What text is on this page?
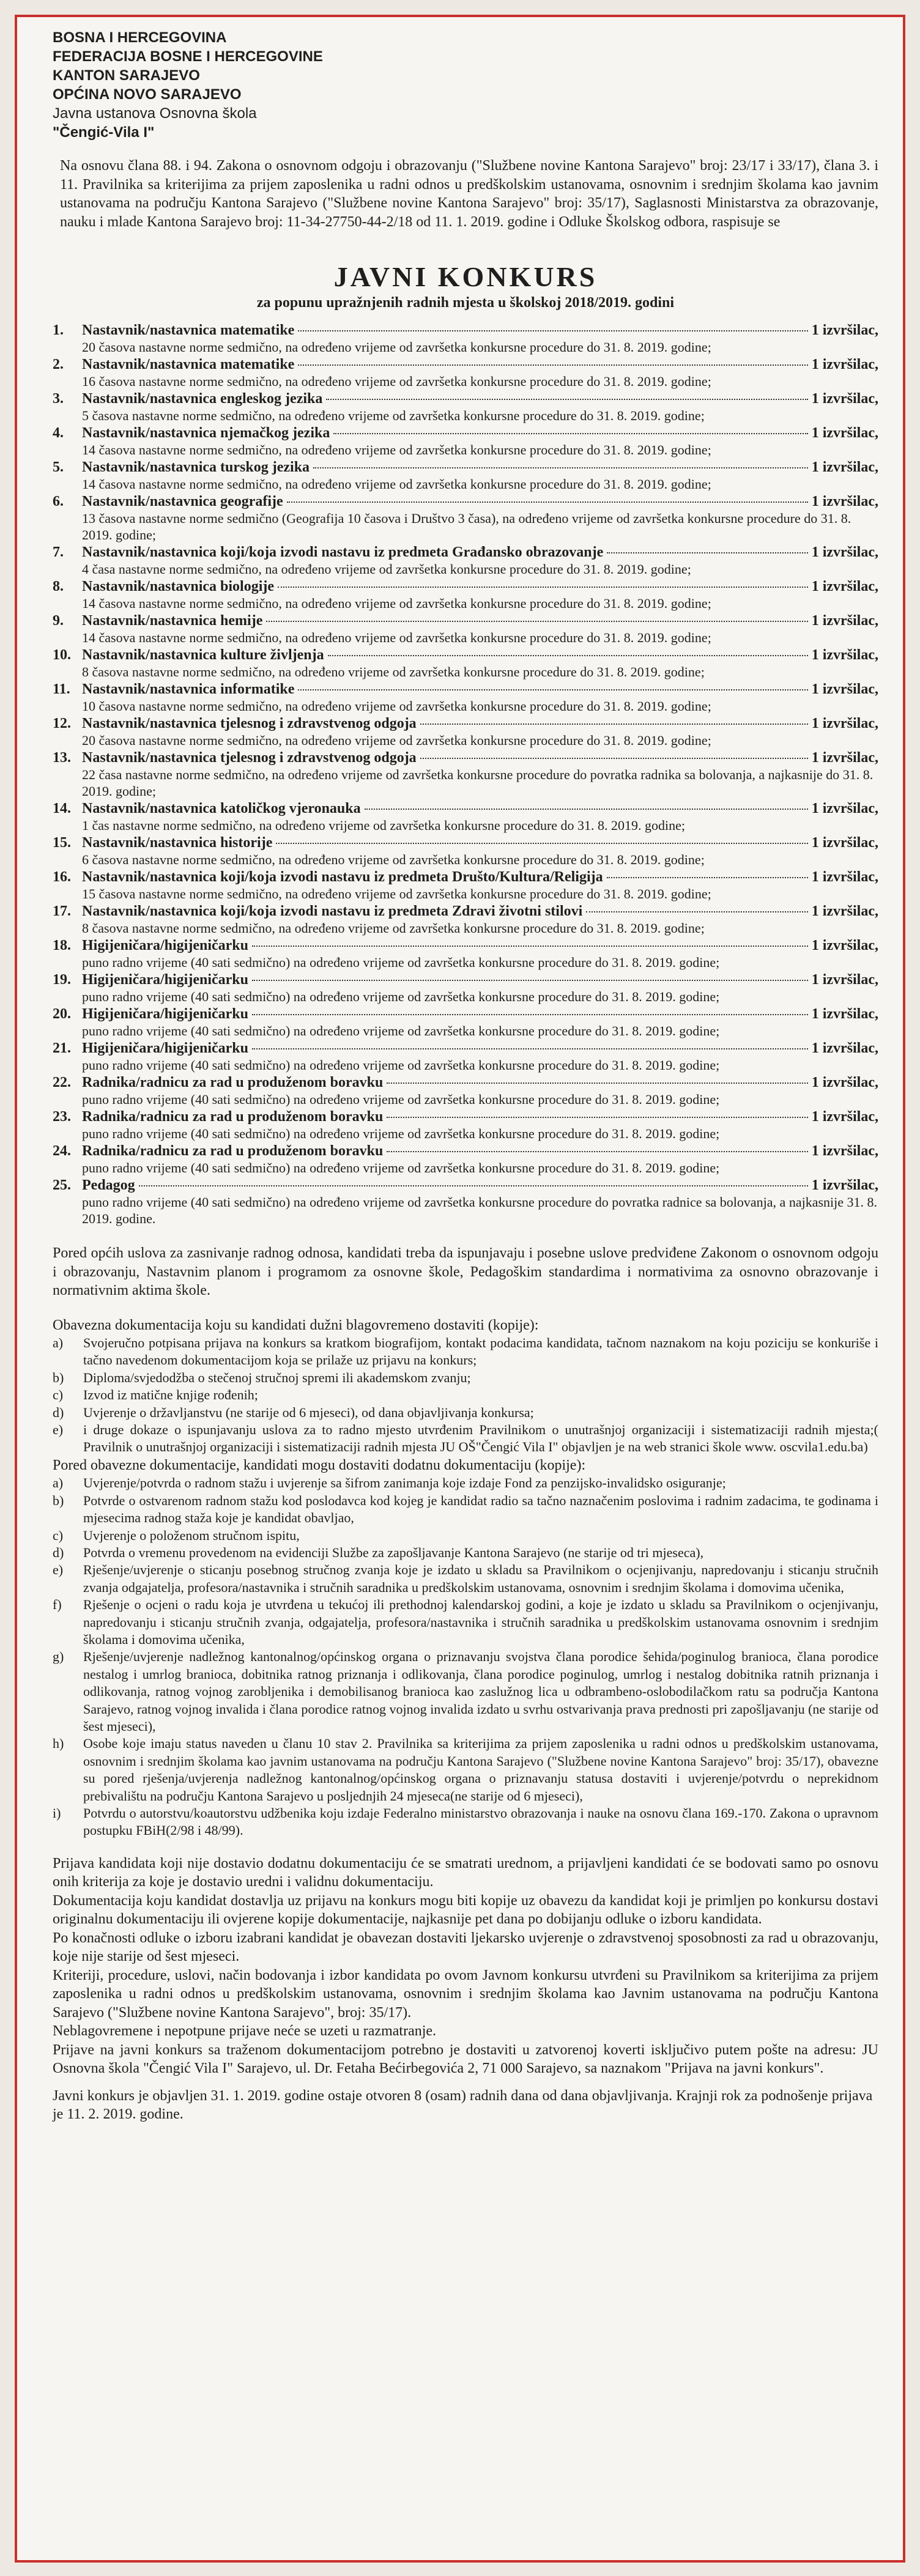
BOSNA I HERCEGOVINA
FEDERACIJA BOSNE I HERCEGOVINE
KANTON SARAJEVO
OPĆINA NOVO SARAJEVO
Javna ustanova Osnovna škola
"Čengić-Vila I"
Na osnovu člana 88. i 94. Zakona o osnovnom odgoju i obrazovanju ("Službene novine Kantona Sarajevo" broj: 23/17 i 33/17), člana 3. i 11. Pravilnika sa kriterijima za prijem zaposlenika u radni odnos u predškolskim ustanovama, osnovnim i srednjim školama kao javnim ustanovama na području Kantona Sarajevo ("Službene novine Kantona Sarajevo" broj: 35/17), Saglasnosti Ministarstva za obrazovanje, nauku i mlade Kantona Sarajevo broj: 11-34-27750-44-2/18 od 11. 1. 2019. godine i Odluke Školskog odbora, raspisuje se
JAVNI KONKURS
za popunu upražnjenih radnih mjesta u školskoj 2018/2019. godini
1.	Nastavnik/nastavnica matematike	1 izvršilac,
20 časova nastavne norme sedmično, na određeno vrijeme od završetka konkursne procedure do 31. 8. 2019. godine;
2.	Nastavnik/nastavnica matematike	1 izvršilac,
16 časova nastavne norme sedmično, na određeno vrijeme od završetka konkursne procedure do 31. 8. 2019. godine;
3.	Nastavnik/nastavnica engleskog jezika	1 izvršilac,
5 časova nastavne norme sedmično, na određeno vrijeme od završetka konkursne procedure do 31. 8. 2019. godine;
4.	Nastavnik/nastavnica njemačkog jezika	1 izvršilac,
14 časova nastavne norme sedmično, na određeno vrijeme od završetka konkursne procedure do 31. 8. 2019. godine;
5.	Nastavnik/nastavnica turskog jezika	1 izvršilac,
14 časova nastavne norme sedmično, na određeno vrijeme od završetka konkursne procedure do 31. 8. 2019. godine;
6.	Nastavnik/nastavnica geografije	1 izvršilac,
13 časova nastavne norme sedmično (Geografija 10 časova i Društvo 3 časa), na određeno vrijeme od završetka konkursne procedure do 31. 8. 2019. godine;
7.	Nastavnik/nastavnica koji/koja izvodi nastavu iz predmeta Građansko obrazovanje	1 izvršilac,
4 časa nastavne norme sedmično, na određeno vrijeme od završetka konkursne procedure do 31. 8. 2019. godine;
8.	Nastavnik/nastavnica biologije	1 izvršilac,
14 časova nastavne norme sedmično, na određeno vrijeme od završetka konkursne procedure do 31. 8. 2019. godine;
9.	Nastavnik/nastavnica hemije	1 izvršilac,
14 časova nastavne norme sedmično, na određeno vrijeme od završetka konkursne procedure do 31. 8. 2019. godine;
10. Nastavnik/nastavnica kulture življenja	1 izvršilac,
8 časova nastavne norme sedmično, na određeno vrijeme od završetka konkursne procedure do 31. 8. 2019. godine;
11. Nastavnik/nastavnica informatike	1 izvršilac,
10 časova nastavne norme sedmično, na određeno vrijeme od završetka konkursne procedure do 31. 8. 2019. godine;
12. Nastavnik/nastavnica tjelesnog i zdravstvenog odgoja	1 izvršilac,
20 časova nastavne norme sedmično, na određeno vrijeme od završetka konkursne procedure do 31. 8. 2019. godine;
13. Nastavnik/nastavnica tjelesnog i zdravstvenog odgoja	1 izvršilac,
22 časa nastavne norme sedmično, na određeno vrijeme od završetka konkursne procedure do povratka radnika sa bolovanja, a najkasnije do 31. 8. 2019. godine;
14. Nastavnik/nastavnica katoličkog vjeronauka	1 izvršilac,
1 čas nastavne norme sedmično, na određeno vrijeme od završetka konkursne procedure do 31. 8. 2019. godine;
15. Nastavnik/nastavnica historije	1 izvršilac,
6 časova nastavne norme sedmično, na određeno vrijeme od završetka konkursne procedure do 31. 8. 2019. godine;
16. Nastavnik/nastavnica koji/koja izvodi nastavu iz predmeta Društo/Kultura/Religija	1 izvršilac,
15 časova nastavne norme sedmično, na određeno vrijeme od završetka konkursne procedure do 31. 8. 2019. godine;
17. Nastavnik/nastavnica koji/koja izvodi nastavu iz predmeta Zdravi životni stilovi	1 izvršilac,
8 časova nastavne norme sedmično, na određeno vrijeme od završetka konkursne procedure do 31. 8. 2019. godine;
18. Higijeničara/higijeničarku	1 izvršilac,
puno radno vrijeme (40 sati sedmično) na određeno vrijeme od završetka konkursne procedure do 31. 8. 2019. godine;
19. Higijeničara/higijeničarku	1 izvršilac,
puno radno vrijeme (40 sati sedmično) na određeno vrijeme od završetka konkursne procedure do 31. 8. 2019. godine;
20. Higijeničara/higijeničarku	1 izvršilac,
puno radno vrijeme (40 sati sedmično) na određeno vrijeme od završetka konkursne procedure do 31. 8. 2019. godine;
21. Higijeničara/higijeničarku	1 izvršilac,
puno radno vrijeme (40 sati sedmično) na određeno vrijeme od završetka konkursne procedure do 31. 8. 2019. godine;
22. Radnika/radnicu za rad u produženom boravku	1 izvršilac,
puno radno vrijeme (40 sati sedmično) na određeno vrijeme od završetka konkursne procedure do 31. 8. 2019. godine;
23. Radnika/radnicu za rad u produženom boravku	1 izvršilac,
puno radno vrijeme (40 sati sedmično) na određeno vrijeme od završetka konkursne procedure do 31. 8. 2019. godine;
24. Radnika/radnicu za rad u produženom boravku	1 izvršilac,
puno radno vrijeme (40 sati sedmično) na određeno vrijeme od završetka konkursne procedure do 31. 8. 2019. godine;
25. Pedagog	1 izvršilac,
puno radno vrijeme (40 sati sedmično) na određeno vrijeme od završetka konkursne procedure do povratka radnice sa bolovanja, a najkasnije 31. 8. 2019. godine.
Pored općih uslova za zasnivanje radnog odnosa, kandidati treba da ispunjavaju i posebne uslove predviđene Zakonom o osnovnom odgoju i obrazovanju, Nastavnim planom i programom za osnovne škole, Pedagoškim standardima i normativima za osnovno obrazovanje i normativnim aktima škole.
Obavezna dokumentacija koju su kandidati dužni blagovremeno dostaviti (kopije):
a)	Svojeručno potpisana prijava na konkurs sa kratkom biografijom, kontakt podacima kandidata, tačnom naznakom na koju poziciju se konkuriše i tačno navedenom dokumentacijom koja se prilaže uz prijavu na konkurs;
b)	Diploma/svjedodžba o stečenoj stručnoj spremi ili akademskom zvanju;
c)	Izvod iz matične knjige rođenih;
d)	Uvjerenje o državljanstvu (ne starije od 6 mjeseci), od dana objavljivanja konkursa;
e)	i druge dokaze o ispunjavanju uslova za to radno mjesto utvrđenim Pravilnikom o unutrašnjoj organizaciji i sistematizaciji radnih mjesta;( Pravilnik o unutrašnjoj organizaciji i sistematizaciji radnih mjesta JU OŠ"Čengić Vila I" objavljen je na web stranici škole www. oscvila1.edu.ba)
Pored obavezne dokumentacije, kandidati mogu dostaviti dodatnu dokumentaciju (kopije):
a)	Uvjerenje/potvrda o radnom stažu i uvjerenje sa šifrom zanimanja koje izdaje Fond za penzijsko-invalidsko osiguranje;
b)	Potvrde o ostvarenom radnom stažu kod poslodavca kod kojeg je kandidat radio sa tačno naznačenim poslovima i radnim zadacima, te godinama i mjesecima radnog staža koje je kandidat obavljao,
c)	Uvjerenje o položenom stručnom ispitu,
d)	Potvrda o vremenu provedenom na evidenciji Službe za zapošljavanje Kantona Sarajevo (ne starije od tri mjeseca),
e)	Rješenje/uvjerenje o sticanju posebnog stručnog zvanja koje je izdato u skladu sa Pravilnikom o ocjenjivanju, napredovanju i sticanju stručnih zvanja odgajatelja, profesora/nastavnika i stručnih saradnika u predškolskim ustanovama, osnovnim i srednjim školama i domovima učenika,
f)	Rješenje o ocjeni o radu koja je utvrđena u tekućoj ili prethodnoj kalendarskoj godini, a koje je izdato u skladu sa Pravilnikom o ocjenjivanju, napredovanju i sticanju stručnih zvanja, odgajatelja, profesora/nastavnika i stručnih saradnika u predškolskim ustanovama osnovnim i srednjim školama i domovima učenika,
g)	Rješenje/uvjerenje nadležnog kantonalnog/općinskog organa o priznavanju svojstva člana porodice šehida/poginulog branioca, člana porodice nestalog i umrlog branioca, dobitnika ratnog priznanja i odlikovanja, člana porodice poginulog, umrlog i nestalog dobitnika ratnih priznanja i odlikovanja, ratnog vojnog zarobljenika i demobilisanog branioca kao zaslužnog lica u odbrambeno-oslobodilačkom ratu sa područja Kantona Sarajevo, ratnog vojnog invalida i člana porodice ratnog vojnog invalida izdato u svrhu ostvarivanja prava prednosti pri zapošljavanju (ne starije od šest mjeseci),
h)	Osobe koje imaju status naveden u članu 10 stav 2. Pravilnika sa kriterijima za prijem zaposlenika u radni odnos u predškolskim ustanovama, osnovnim i srednjim školama kao javnim ustanovama na području Kantona Sarajevo ("Službene novine Kantona Sarajevo" broj: 35/17), obavezne su pored rješenja/uvjerenja nadležnog kantonalnog/općinskog organa o priznavanju statusa dostaviti i uvjerenje/potvrdu o neprekidnom prebivalištu na području Kantona Sarajevo u posljednjih 24 mjeseca(ne starije od 6 mjeseci),
i)	Potvrdu o autorstvu/koautorstvu udžbenika koju izdaje Federalno ministarstvo obrazovanja i nauke na osnovu člana 169.-170. Zakona o upravnom postupku FBiH(2/98 i 48/99).
Prijava kandidata koji nije dostavio dodatnu dokumentaciju će se smatrati urednom, a prijavljeni kandidati će se bodovati samo po osnovu onih kriterija za koje je dostavio uredni i validnu dokumentaciju.
Dokumentacija koju kandidat dostavlja uz prijavu na konkurs mogu biti kopije uz obavezu da kandidat koji je primljen po konkursu dostavi originalnu dokumentaciju ili ovjerene kopije dokumentacije, najkasnije pet dana po dobijanju odluke o izboru kandidata.
Po konačnosti odluke o izboru izabrani kandidat je obavezan dostaviti ljekarsko uvjerenje o zdravstvenoj sposobnosti za rad u obrazovanju, koje nije starije od šest mjeseci.
Kriteriji, procedure, uslovi, način bodovanja i izbor kandidata po ovom Javnom konkursu utvrđeni su Pravilnikom sa kriterijima za prijem zaposlenika u radni odnos u predškolskim ustanovama, osnovnim i srednjim školama kao Javnim ustanovama na području Kantona Sarajevo ("Službene novine Kantona Sarajevo", broj: 35/17).
Neblagovremene i nepotpune prijave neće se uzeti u razmatranje.
Prijave na javni konkurs sa traženom dokumentacijom potrebno je dostaviti u zatvorenoj koverti isključivo putem pošte na adresu: JU Osnovna škola "Čengić Vila I" Sarajevo, ul. Dr. Fetaha Bećirbegovića 2, 71 000 Sarajevo, sa naznakom "Prijava na javni konkurs".
Javni konkurs je objavljen 31. 1. 2019. godine ostaje otvoren 8 (osam) radnih dana od dana objavljivanja. Krajnji rok za podnošenje prijava je 11. 2. 2019. godine.
